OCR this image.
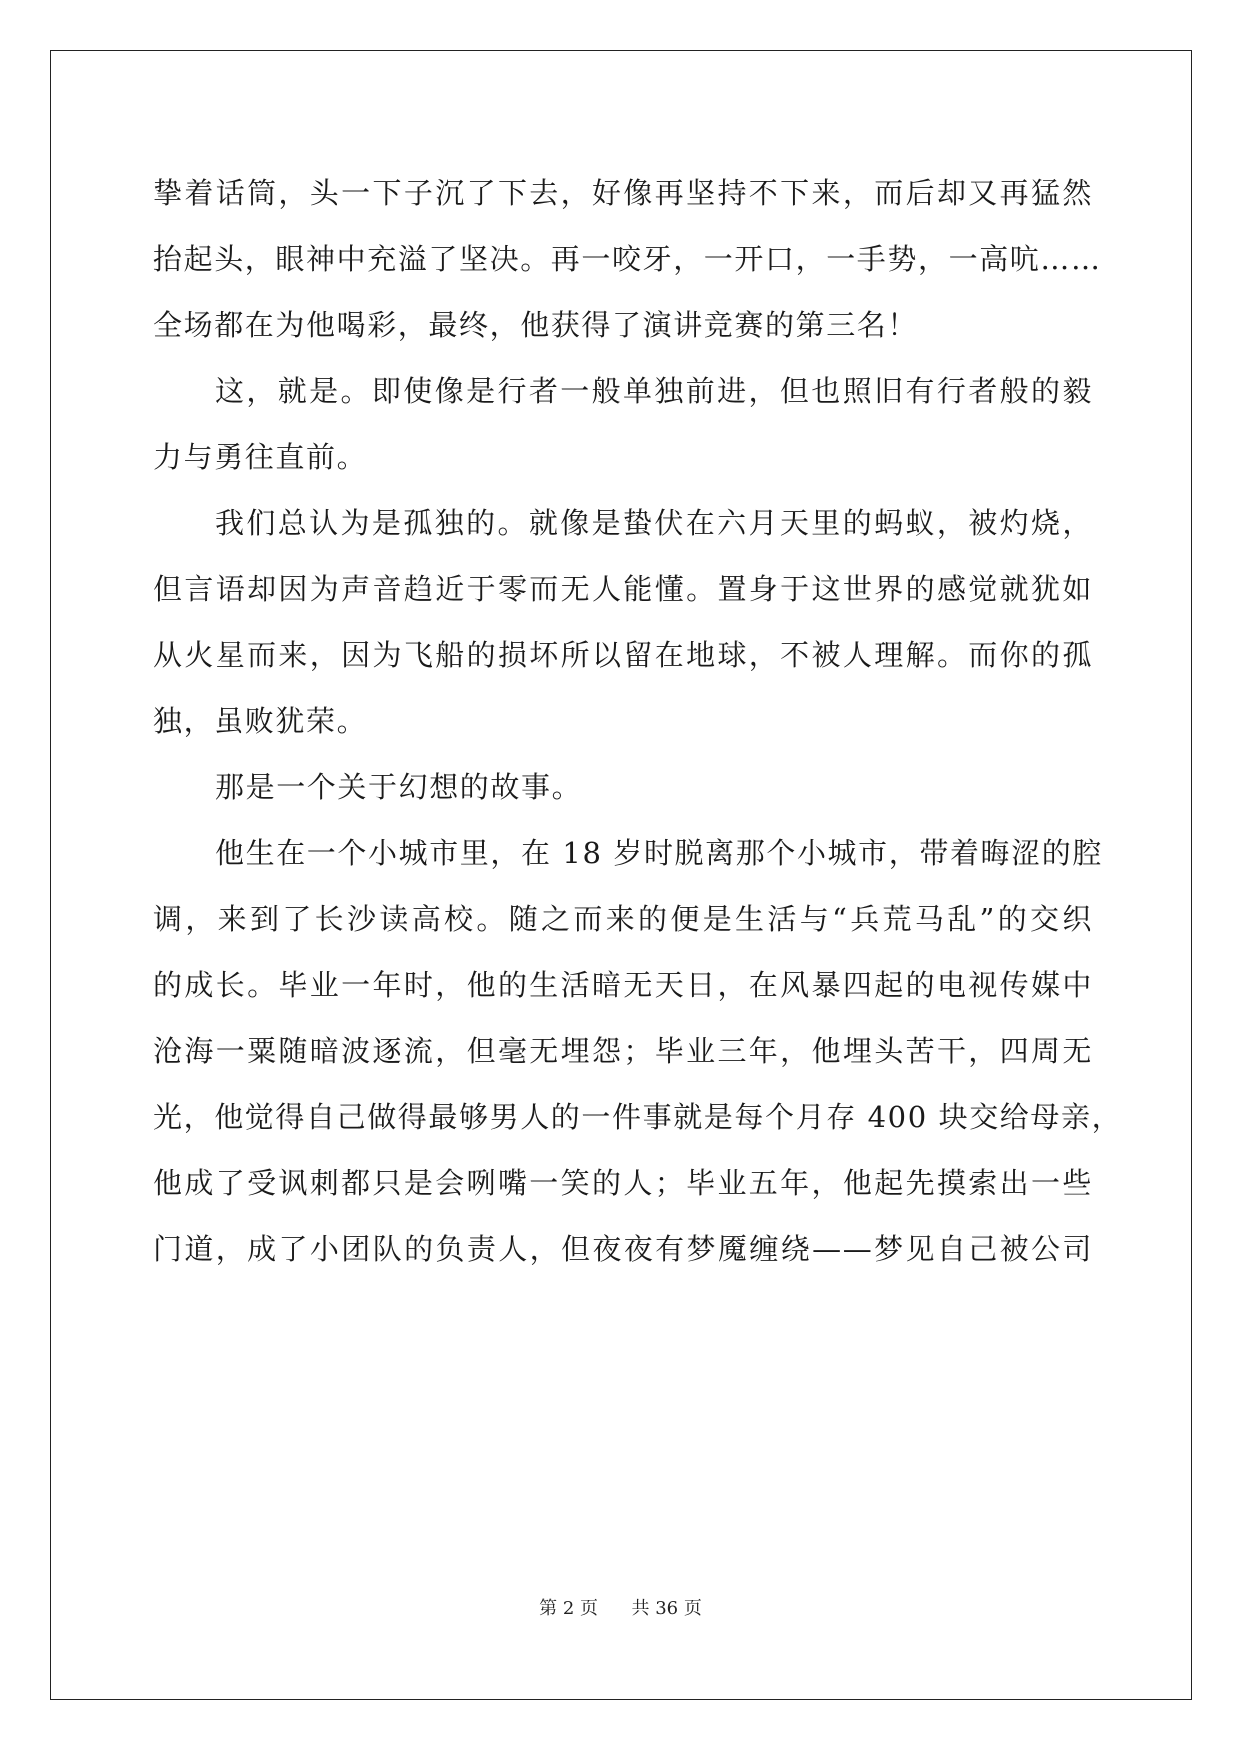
挚着话筒，头一下子沉了下去，好像再坚持不下来，而后却又再猛然
抬起头，眼神中充溢了坚决。再一咬牙，一开口，一手势，一高吭……
全场都在为他喝彩，最终，他获得了演讲竞赛的第三名！
这，就是。即使像是行者一般单独前进，但也照旧有行者般的毅
力与勇往直前。
我们总认为是孤独的。就像是蛰伏在六月天里的蚂蚁，被灼烧，
但言语却因为声音趋近于零而无人能懂。置身于这世界的感觉就犹如
从火星而来，因为飞船的损坏所以留在地球，不被人理解。而你的孤
独，虽败犹荣。
那是一个关于幻想的故事。
他生在一个小城市里，在 18 岁时脱离那个小城市，带着晦涩的腔
调，来到了长沙读高校。随之而来的便是生活与“兵荒马乱”的交织
的成长。毕业一年时，他的生活暗无天日，在风暴四起的电视传媒中
沧海一粟随暗波逐流，但毫无埋怨；毕业三年，他埋头苦干，四周无
光，他觉得自己做得最够男人的一件事就是每个月存 400 块交给母亲，
他成了受讽刺都只是会咧嘴一笑的人；毕业五年，他起先摸索出一些
门道，成了小团队的负责人，但夜夜有梦魇缠绕——梦见自己被公司
第 2 页 共 36 页
